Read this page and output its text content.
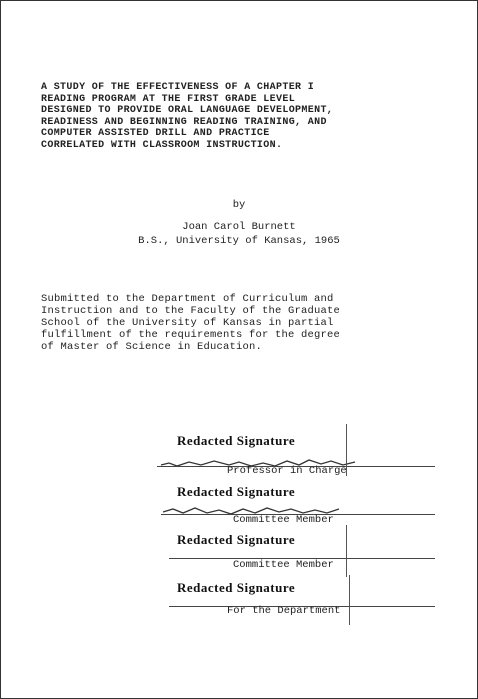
A STUDY OF THE EFFECTIVENESS OF A CHAPTER I
READING PROGRAM AT THE FIRST GRADE LEVEL
DESIGNED TO PROVIDE ORAL LANGUAGE DEVELOPMENT,
READINESS AND BEGINNING READING TRAINING, AND
COMPUTER ASSISTED DRILL AND PRACTICE
CORRELATED WITH CLASSROOM INSTRUCTION.
by
Joan Carol Burnett
B.S., University of Kansas, 1965
Submitted to the Department of Curriculum and
Instruction and to the Faculty of the Graduate
School of the University of Kansas in partial
fulfillment of the requirements for the degree
of Master of Science in Education.
Redacted Signature
Professor in Charge
Redacted Signature
Committee Member
Redacted Signature
Committee Member
Redacted Signature
For the Department
